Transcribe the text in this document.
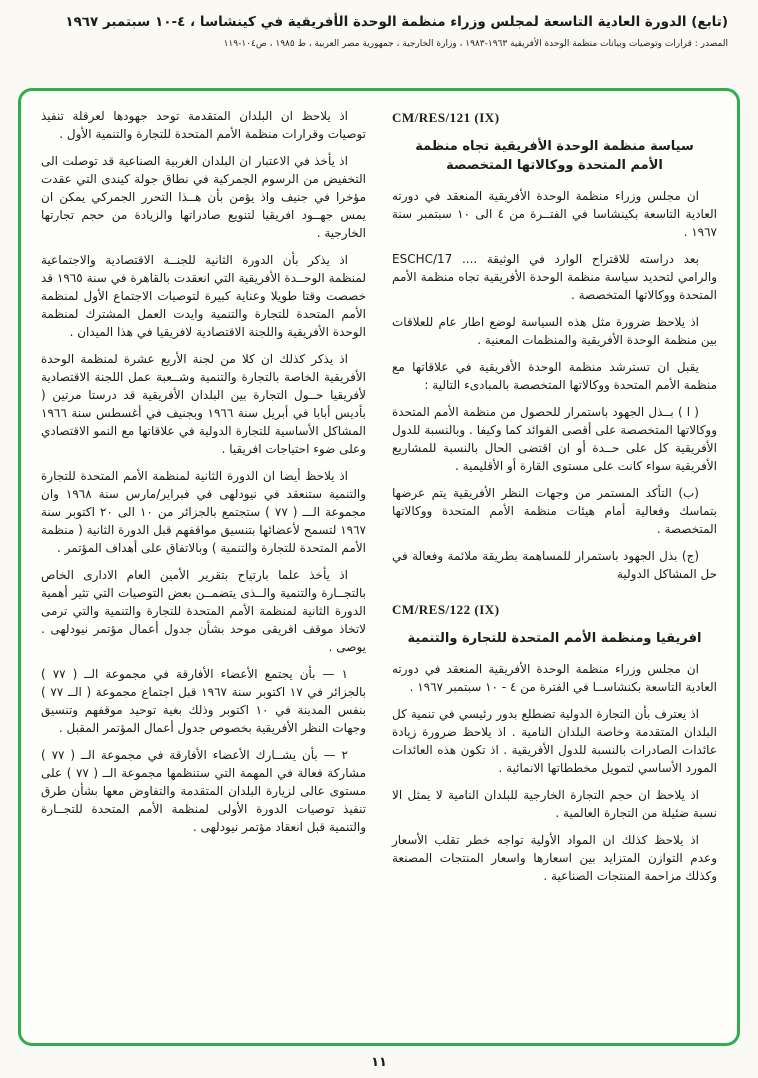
(تابع) الدورة العادية التاسعة لمجلس وزراء منظمة الوحدة الأفريقية في كينشاسا ، ٤-١٠ سبتمبر ١٩٦٧
المصدر : قرارات وتوصيات وبيانات منظمة الوحدة الأفريقية ١٩٦٣-١٩٨٣ ، وزارة الخارجية ، جمهورية مصر العربية ، ط ١٩٨٥ ، ص١٠٤-١١٩
CM/RES/121 (IX)
سياسة منظمة الوحدة الأفريقية تجاه منظمة الأمم المتحدة ووكالاتها المتخصصة

ان مجلس وزراء منظمة الوحدة الأفريقية المنعقد في دورته العادية التاسعة بكينشاسا في الفتــرة من ٤ الى ١٠ سبتمبر سنة ١٩٦٧ .

بعد دراسته للاقتراح الوارد في الوثيقة .... ESCHC/17 والرامي لتحديد سياسة منظمة الوحدة الأفريقية تجاه منظمة الأمم المتحدة ووكالاتها المتخصصة .

اذ يلاحظ ضرورة مثل هذه السياسة لوضع اطار عام للعلاقات بين منظمة الوحدة الأفريقية والمنظمات المعنية .

يقبل ان تسترشد منظمة الوحدة الأفريقية في علاقاتها مع منظمة الأمم المتحدة ووكالاتها المتخصصة بالمبادىء التالية :

( ا ) بــذل الجهود باستمرار للحصول من منظمة الأمم المتحدة ووكالاتها المتخصصة على أقصى الفوائد كما وكيفا . وبالنسبة للدول الأفريقية كل على حــدة أو ان اقتضى الحال بالنسبة للمشاريع الأفريقية سواء كانت على مستوى القارة أو الأقليمية .

(ب) التأكد المستمر من وجهات النظر الأفريقية يتم عرضها بتماسك وفعالية أمام هيئات منظمة الأمم المتحدة ووكالاتها المتخصصة .

(ج) بذل الجهود باستمرار للمساهمة بطريقة ملائمة وفعالة في حل المشاكل الدولية

CM/RES/122 (IX)
افريقيا ومنظمة الأمم المتحدة للتجارة والتنمية

ان مجلس وزراء منظمة الوحدة الأفريقية المنعقد في دورته العادية التاسعة بكنشاســا في الفترة من ٤ - ١٠ سبتمبر ١٩٦٧ .

اذ يعترف بأن التجارة الدولية تضطلع بدور رئيسي في تنمية كل البلدان المتقدمة وخاصة البلدان النامية . اذ يلاحظ ضرورة زيادة عائدات الصادرات بالنسبة للدول الأفريقية . اذ تكون هذه العائدات المورد الأساسي لتمويل مخططاتها الانمائية .

اذ يلاحظ ان حجم التجارة الخارجية للبلدان النامية لا يمثل الا نسبة ضئيلة من التجارة العالمية .

اذ يلاحظ كذلك ان المواد الأولية تواجه خطر تقلب الأسعار وعدم التوازن المتزايد بين اسعارها واسعار المنتجات المصنعة وكذلك مزاحمة المنتجات الصناعية .

اذ يلاحظ ان البلدان المتقدمة توحد جهودها لعرقلة تنفيذ توصيات وقرارات منظمة الأمم المتحدة للتجارة والتنمية الأول .

اذ يأخذ في الاعتبار ان البلدان الغربية الصناعية قد توصلت الى التخفيض من الرسوم الجمركية في نطاق جولة كيندى التي عقدت مؤخرا في جنيف واذ يؤمن بأن هــذا التحرر الجمركي يمكن ان يمس جهــود افريقيا لتنويع صادراتها والزيادة من حجم تجارتها الخارجية .

اذ يذكر بأن الدورة الثانية للجنــة الاقتصادية والاجتماعية لمنظمة الوحــدة الأفريقية التي انعقدت بالقاهرة في سنة ١٩٦٥ قد خصصت وقتا طويلا وعناية كبيرة لتوصيات الاجتماع الأول لمنظمة الأمم المتحدة للتجارة والتنمية وايدت العمل المشترك لمنظمة الوحدة الأفريقية واللجنة الاقتصادية لافريقيا في هذا الميدان .

اذ يذكر كذلك ان كلا من لجنة الأربع عشرة لمنظمة الوحدة الأفريقية الخاصة بالتجارة والتنمية وشــعبة عمل اللجنة الاقتصادية لأفريقيا حــول التجارة بين البلدان الأفريقية قد درستا مرتين ( بأديس أبابا في أبريل سنة ١٩٦٦ وبجنيف في أغسطس سنة ١٩٦٦ المشاكل الأساسية للتجارة الدولية في علاقاتها مع النمو الاقتصادي وعلى ضوء احتياجات افريقيا .

اذ يلاحظ أيضا ان الدورة الثانية لمنظمة الأمم المتحدة للتجارة والتنمية ستنعقد في نيودلهى في فبراير/مارس سنة ١٩٦٨ وان مجموعة الـــ ( ٧٧ ) ستجتمع بالجزائر من ١٠ الى ٢٠ اكتوبر سنة ١٩٦٧ لتسمح لأعضائها بتنسيق مواقفهم قبل الدورة الثانية ( منظمة الأمم المتحدة للتجارة والتنمية ) وبالاتفاق على أهداف المؤتمر .

اذ يأخذ علما بارتياح بتقرير الأمين العام الادارى الخاص بالتجــارة والتنمية والــذى يتضمــن بعض التوصيات التي تثير أهمية الدورة الثانية لمنظمة الأمم المتحدة للتجارة والتنمية والتي ترمى لاتخاذ موقف افريقى موحد بشأن جدول أعمال مؤتمر نيودلهى . يوصى .

١ — بأن يجتمع الأعضاء الأفارقة في مجموعة الــ ( ٧٧ ) بالجزائر في ١٧ اكتوبر سنة ١٩٦٧ قبل اجتماع مجموعة ( الــ ٧٧ ) بنفس المدينة في ١٠ اكتوبر وذلك بغية توحيد موقفهم وتنسيق وجهات النظر الأفريقية بخصوص جدول أعمال المؤتمر المقبل .

٢ — بأن يشــارك الأعضاء الأفارقة في مجموعة الــ ( ٧٧ ) مشاركة فعالة في المهمة التي ستنظمها مجموعة الــ ( ٧٧ ) على مستوى عالى لزيارة البلدان المتقدمة والتفاوض معها بشأن طرق تنفيذ توصيات الدورة الأولى لمنظمة الأمم المتحدة للتجــارة والتنمية قبل انعقاد مؤتمر نيودلهى .

١١
